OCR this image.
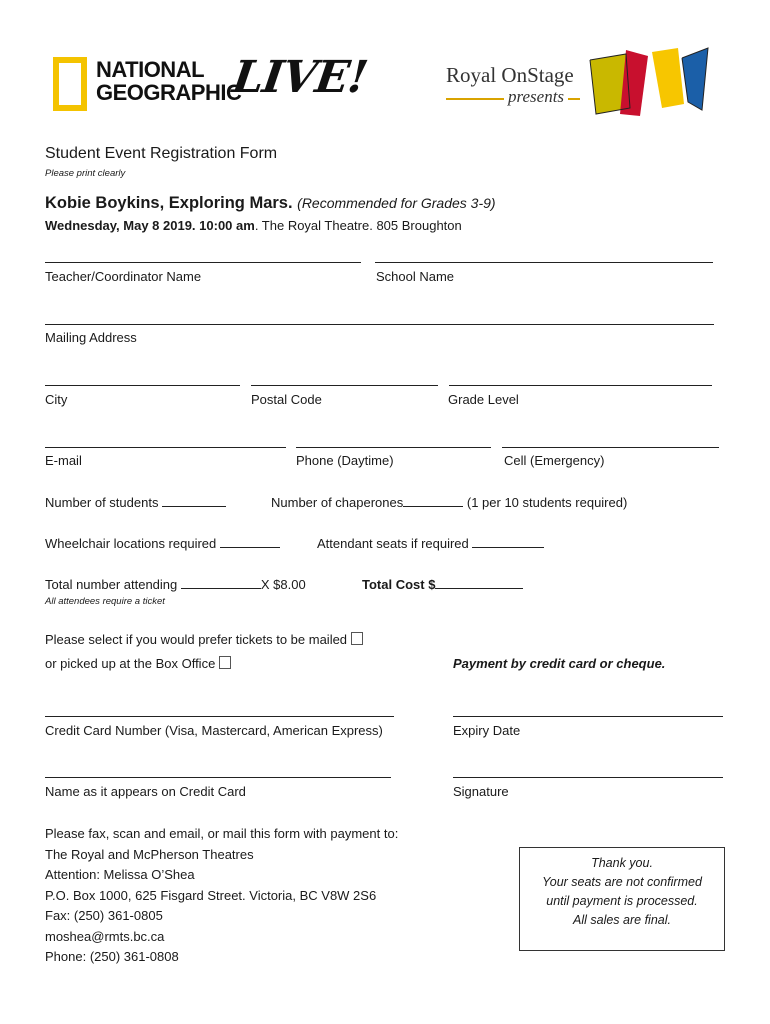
NATIONAL
GEOGRAPHIC
LIVE!	Royal OnStage
presents
Student Event Registration Form
Please print clearly
Kobie Boykins, Exploring Mars. (Recommended for Grades 3-9)
Wednesday, May 8 2019. 10:00 am. The Royal Theatre. 805 Broughton
Teacher/Coordinator Name	School Name
Mailing Address
City	Postal Code	Grade Level
E-mail	Phone (Daytime)	Cell (Emergency)
Number of students	Number of chaperones	(1 per 10 students required)
Wheelchair locations required	Attendant seats if required
Total number attending	X $8.00	Total Cost $
All attendees require a ticket
Please select if you would prefer tickets to be mailed
or picked up at the Box Office	Payment by credit card or cheque.
Credit Card Number (Visa, Mastercard, American Express)	Expiry Date
Name as it appears on Credit Card	Signature
Please fax, scan and email, or mail this form with payment to:
The Royal and McPherson Theatres
Attention: Melissa O’Shea
P.O. Box 1000, 625 Fisgard Street. Victoria, BC V8W 2S6
Fax: (250) 361-0805
moshea@rmts.bc.ca
Phone: (250) 361-0808
Thank you.
Your seats are not confirmed
until payment is processed.
All sales are final.
